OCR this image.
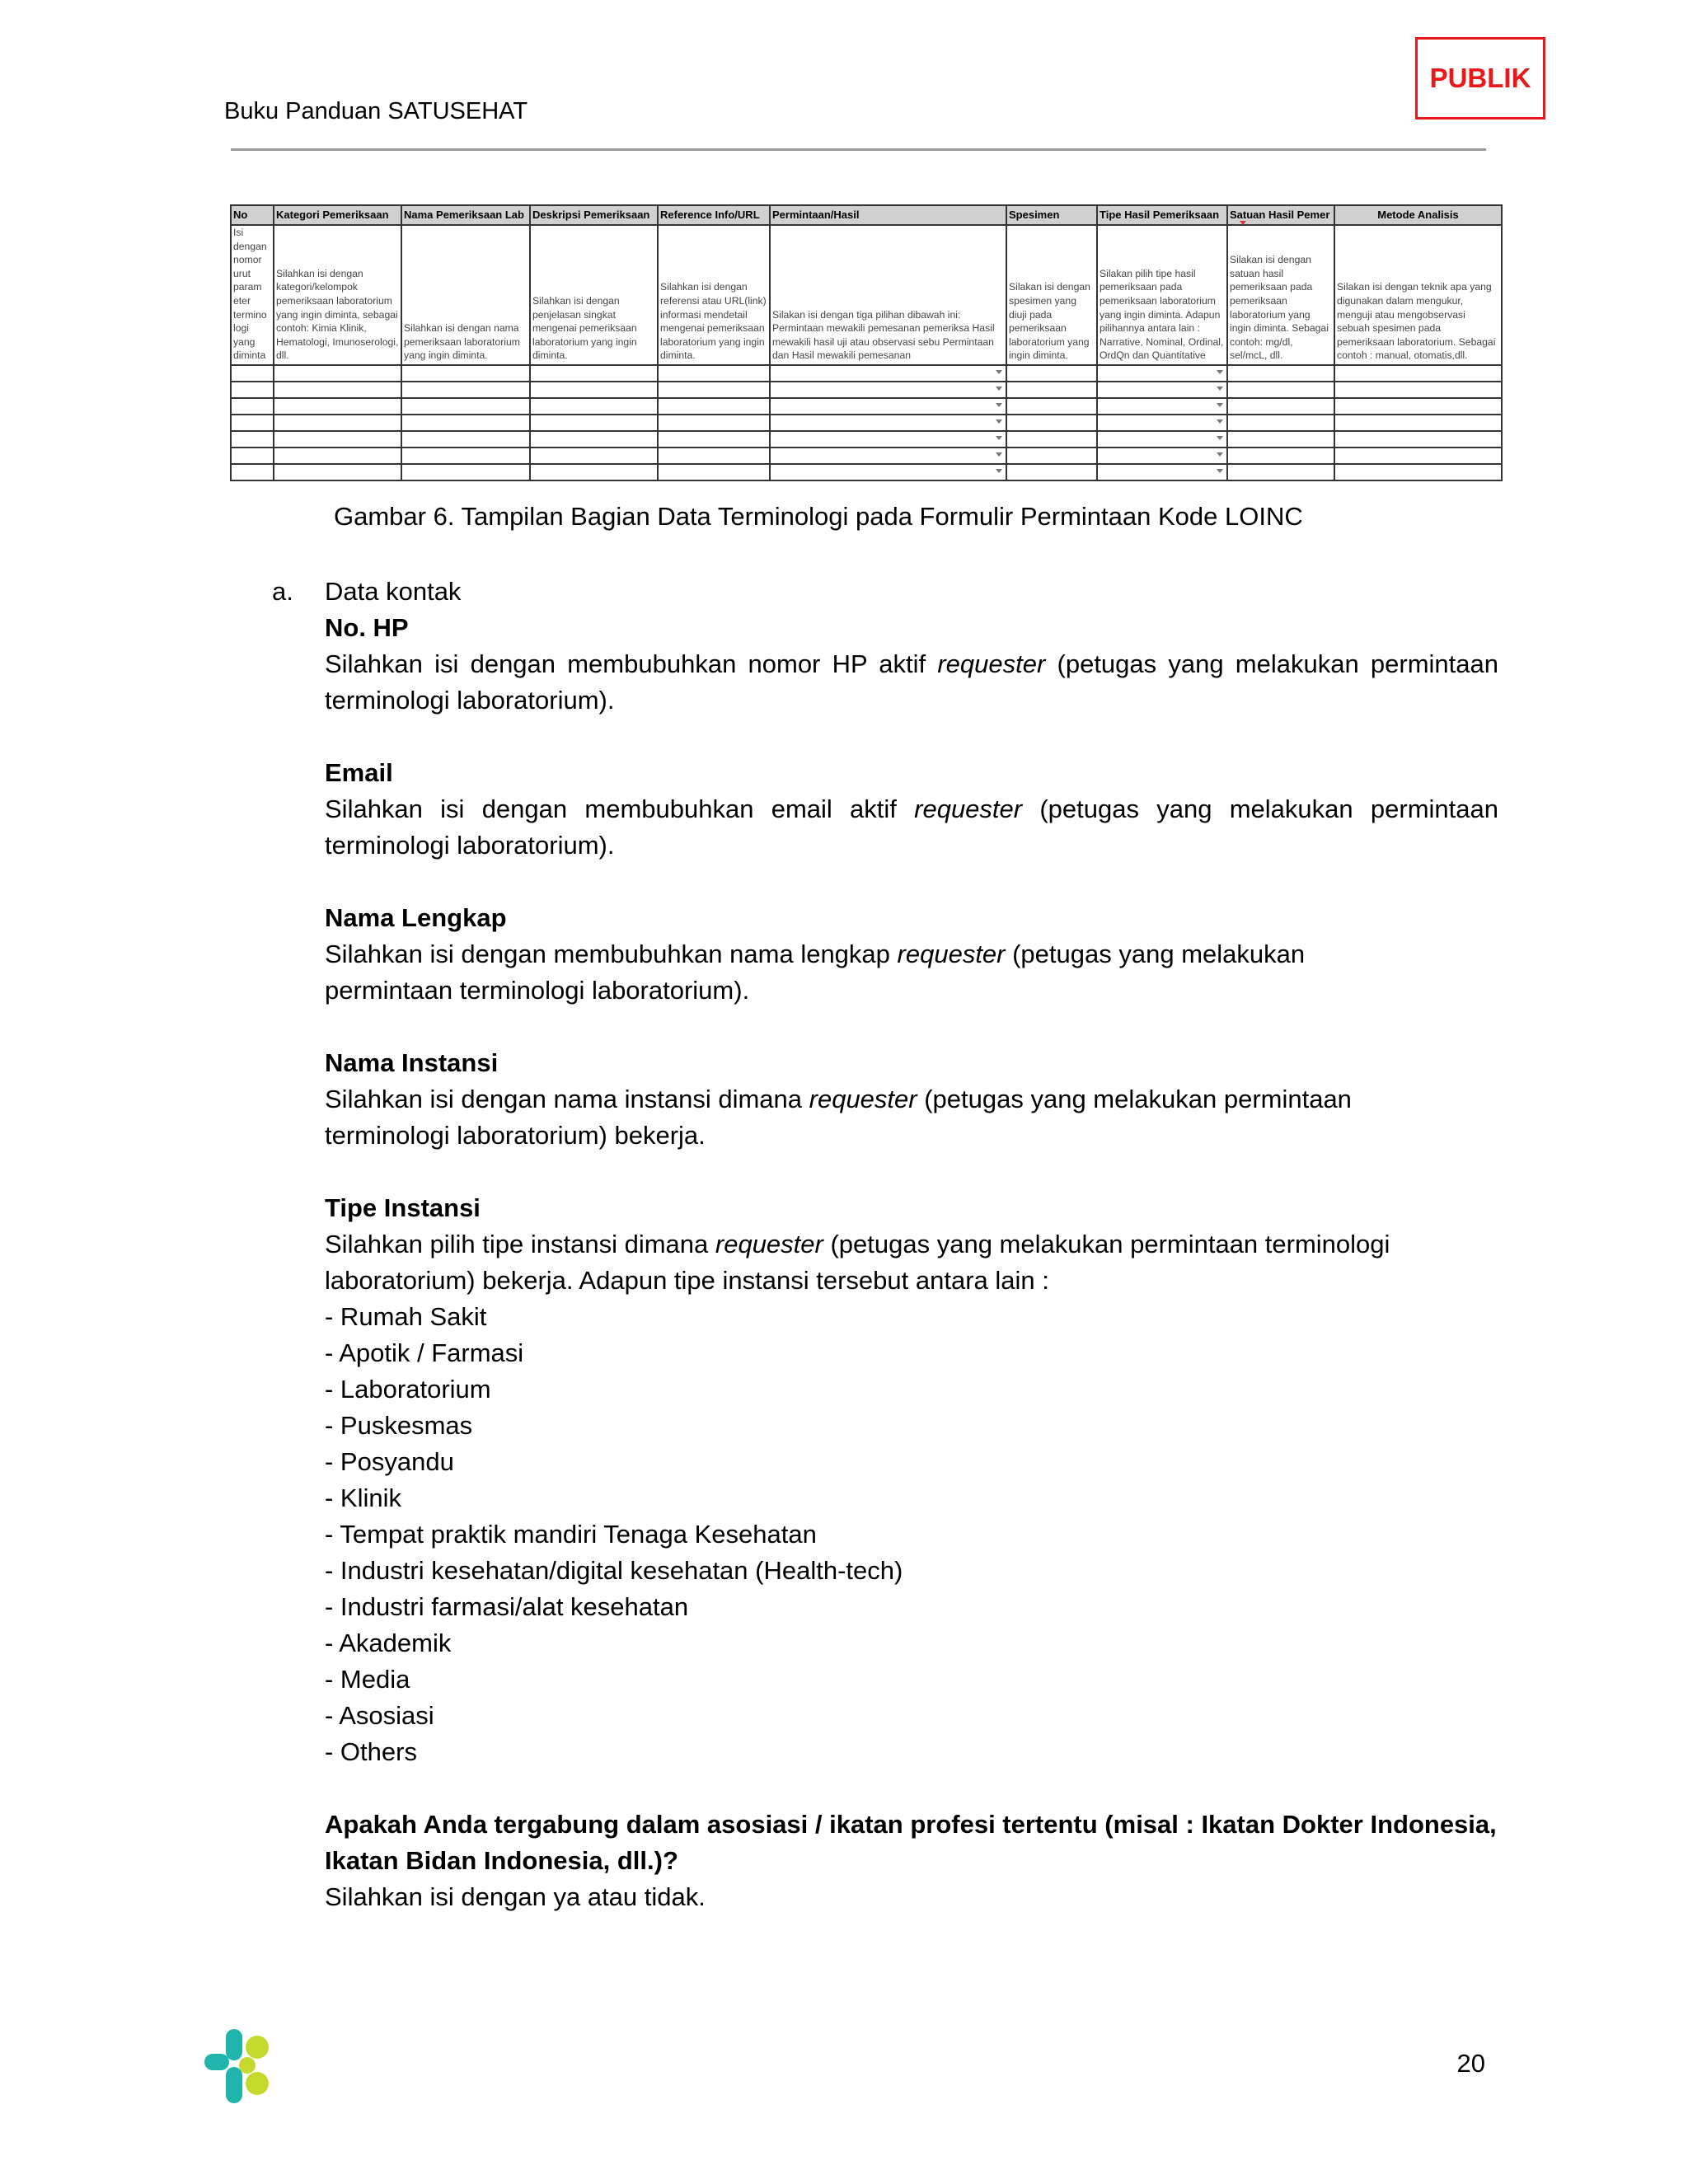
PUBLIK
Buku Panduan SATUSEHAT
No	Kategori Pemeriksaan	Nama Pemeriksaan Lab	Deskripsi Pemeriksaan	Reference Info/URL	Permintaan/Hasil	Spesimen	Tipe Hasil Pemeriksaan	Satuan Hasil Pemer	Metode Analisis
Isi dengan nomor urut param eter termino logi yang diminta	Silahkan isi dengan kategori/kelompok pemeriksaan laboratorium yang ingin diminta, sebagai contoh: Kimia Klinik, Hematologi, Imunoserologi, dll.	Silahkan isi dengan nama pemeriksaan laboratorium yang ingin diminta.	Silahkan isi dengan penjelasan singkat mengenai pemeriksaan laboratorium yang ingin diminta.	Silahkan isi dengan referensi atau URL(link) informasi mendetail mengenai pemeriksaan laboratorium yang ingin diminta.	Silakan isi dengan tiga pilihan dibawah ini: Permintaan mewakili pemesanan pemeriksa Hasil mewakili hasil uji atau observasi sebu Permintaan dan Hasil mewakili pemesanan	Silakan isi dengan spesimen yang diuji pada pemeriksaan laboratorium yang ingin diminta.	Silakan pilih tipe hasil pemeriksaan pada pemeriksaan laboratorium yang ingin diminta. Adapun pilihannya antara lain : Narrative, Nominal, Ordinal, OrdQn dan Quantitative	Silakan isi dengan satuan hasil pemeriksaan pada pemeriksaan laboratorium yang ingin diminta. Sebagai contoh: mg/dl, sel/mcL, dll.	Silakan isi dengan teknik apa yang digunakan dalam mengukur, menguji atau mengobservasi sebuah spesimen pada pemeriksaan laboratorium. Sebagai contoh : manual, otomatis,dll.

Gambar 6. Tampilan Bagian Data Terminologi pada Formulir Permintaan Kode LOINC
a. Data kontak
No. HP
Silahkan isi dengan membubuhkan nomor HP aktif requester (petugas yang melakukan permintaan terminologi laboratorium).
Email
Silahkan isi dengan membubuhkan email aktif requester (petugas yang melakukan permintaan terminologi laboratorium).
Nama Lengkap
Silahkan isi dengan membubuhkan nama lengkap requester (petugas yang melakukan permintaan terminologi laboratorium).
Nama Instansi
Silahkan isi dengan nama instansi dimana requester (petugas yang melakukan permintaan terminologi laboratorium) bekerja.
Tipe Instansi
Silahkan pilih tipe instansi dimana requester (petugas yang melakukan permintaan terminologi laboratorium) bekerja. Adapun tipe instansi tersebut antara lain :
- Rumah Sakit
- Apotik / Farmasi
- Laboratorium
- Puskesmas
- Posyandu
- Klinik
- Tempat praktik mandiri Tenaga Kesehatan
- Industri kesehatan/digital kesehatan (Health-tech)
- Industri farmasi/alat kesehatan
- Akademik
- Media
- Asosiasi
- Others
Apakah Anda tergabung dalam asosiasi / ikatan profesi tertentu (misal : Ikatan Dokter Indonesia, Ikatan Bidan Indonesia, dll.)?
Silahkan isi dengan ya atau tidak.
20
